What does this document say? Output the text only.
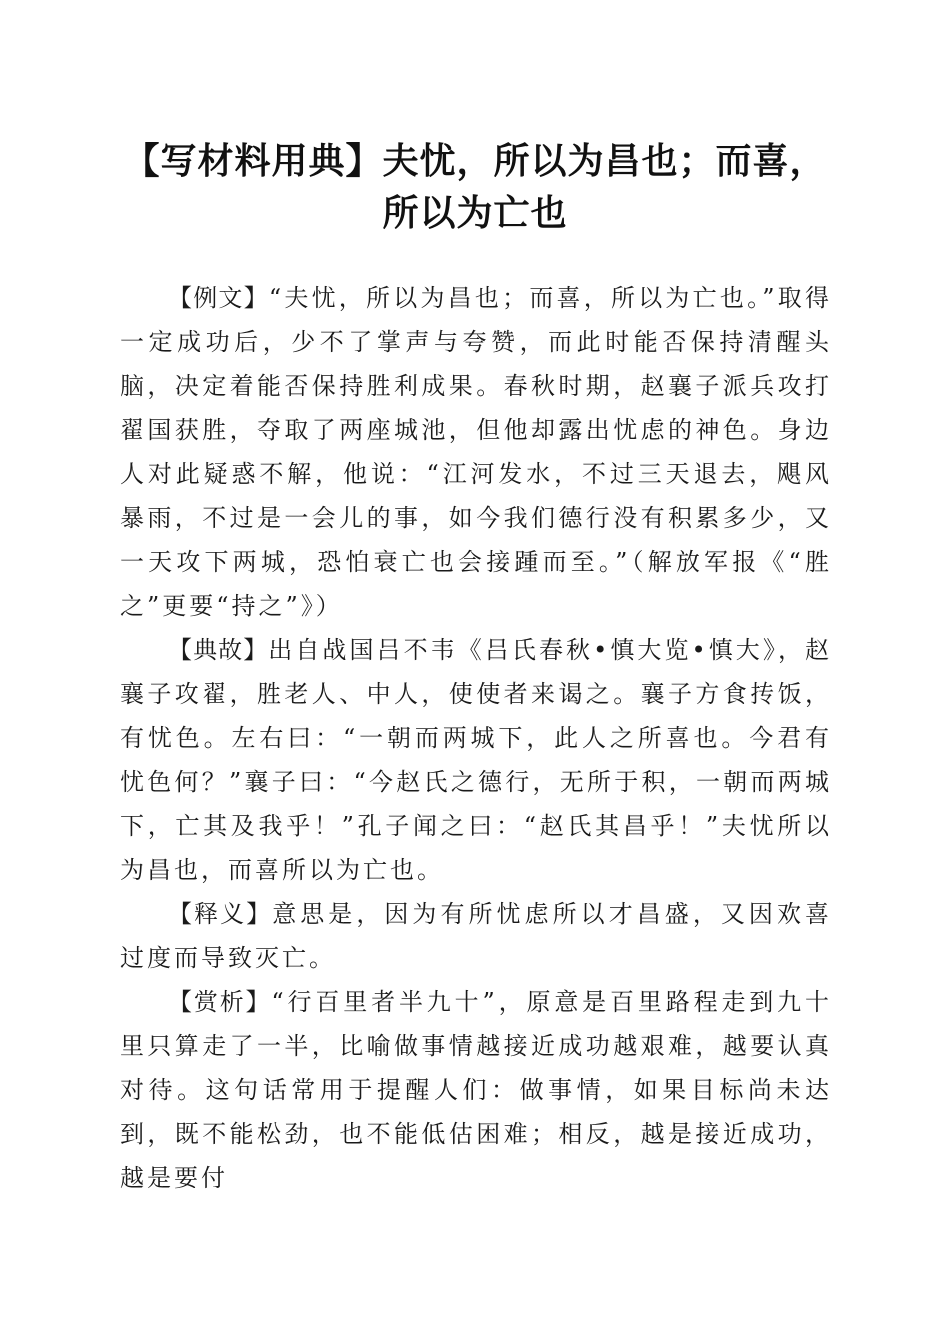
【写材料用典】夫忧，所以为昌也；而喜，所以为亡也

【例文】“夫忧，所以为昌也；而喜，所以为亡也。”取得一定成功后，少不了掌声与夸赞，而此时能否保持清醒头脑，决定着能否保持胜利成果。春秋时期，赵襄子派兵攻打翟国获胜，夺取了两座城池，但他却露出忧虑的神色。身边人对此疑惑不解，他说：“江河发水，不过三天退去，飓风暴雨，不过是一会儿的事，如今我们德行没有积累多少，又一天攻下两城，恐怕衰亡也会接踵而至。”（解放军报《“胜之”更要“持之”》）

【典故】出自战国吕不韦《吕氏春秋•慎大览•慎大》，赵襄子攻翟，胜老人、中人，使使者来谒之。襄子方食抟饭，有忧色。左右曰：“一朝而两城下，此人之所喜也。今君有忧色何？”襄子曰：“今赵氏之德行，无所于积，一朝而两城下，亡其及我乎！”孔子闻之曰：“赵氏其昌乎！”夫忧所以为昌也，而喜所以为亡也。

【释义】意思是，因为有所忧虑所以才昌盛，又因欢喜过度而导致灭亡。

【赏析】“行百里者半九十”，原意是百里路程走到九十里只算走了一半，比喻做事情越接近成功越艰难，越要认真对待。这句话常用于提醒人们：做事情，如果目标尚未达到，既不能松劲，也不能低估困难；相反，越是接近成功，越是要付
